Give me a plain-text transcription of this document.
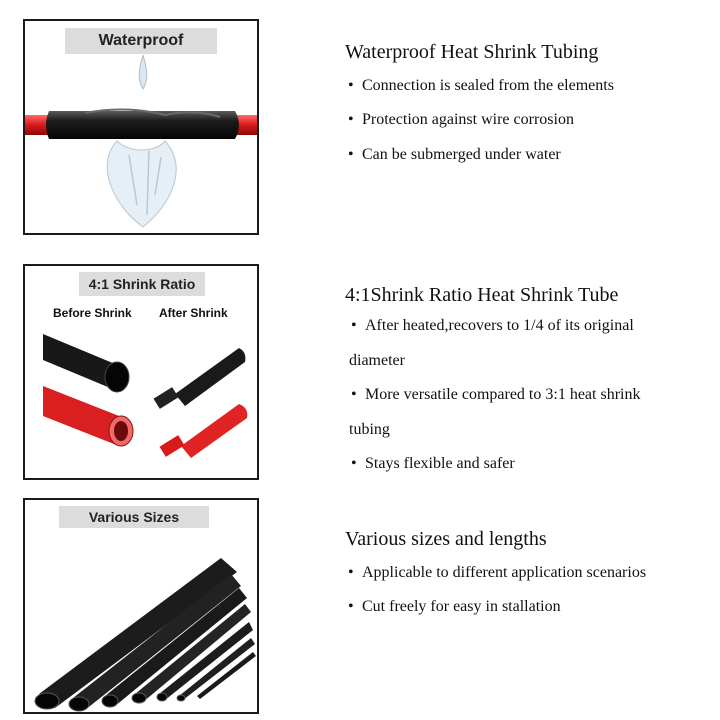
Waterproof
Waterproof Heat Shrink Tubing
• Connection is sealed from the elements
• Protection against wire corrosion
• Can be submerged under water
4:1 Shrink Ratio
Before Shrink After Shrink
4:1Shrink Ratio Heat Shrink Tube
• After heated,recovers to 1/4 of its original
diameter
• More versatile compared to 3:1 heat shrink
tubing
• Stays flexible and safer
Various Sizes
Various sizes and lengths
• Applicable to different application scenarios
• Cut freely for easy in stallation
